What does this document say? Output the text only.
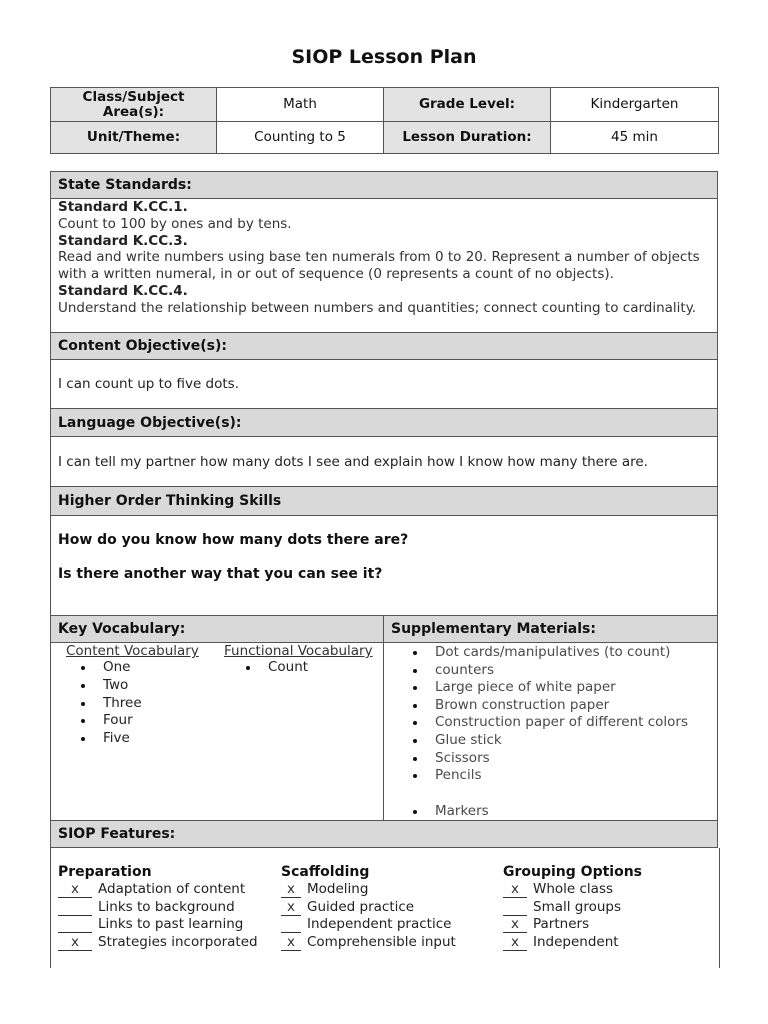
SIOP Lesson Plan
Class/Subject Area(s):	Math	Grade Level:	Kindergarten
Unit/Theme:	Counting to 5	Lesson Duration:	45 min
State Standards:
Standard K.CC.1.
Count to 100 by ones and by tens.
Standard K.CC.3.
Read and write numbers using base ten numerals from 0 to 20. Represent a number of objects with a written numeral, in or out of sequence (0 represents a count of no objects).
Standard K.CC.4.
Understand the relationship between numbers and quantities; connect counting to cardinality.
Content Objective(s):
I can count up to five dots.
Language Objective(s):
I can tell my partner how many dots I see and explain how I know how many there are.
Higher Order Thinking Skills
How do you know how many dots there are?
Is there another way that you can see it?
Key Vocabulary:
Content Vocabulary
One
Two
Three
Four
Five
Functional Vocabulary
Count
Supplementary Materials:
Dot cards/manipulatives (to count)
counters
Large piece of white paper
Brown construction paper
Construction paper of different colors
Glue stick
Scissors
Pencils
Markers
SIOP Features:
Preparation
x	Adaptation of content
Links to background
Links to past learning
x	Strategies incorporated
Scaffolding
x Modeling
x Guided practice
Independent practice
x Comprehensible input
Grouping Options
x	Whole class
Small groups
x	Partners
x	Independent
